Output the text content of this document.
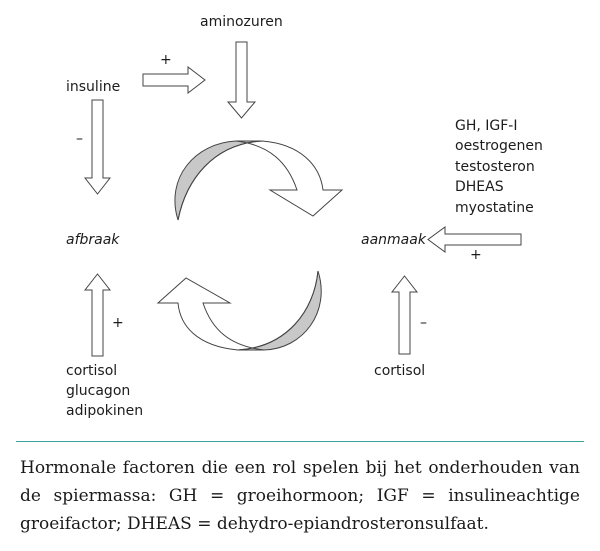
aminozuren
insuline
afbraak	aanmaak
GH, IGF-I
oestrogenen
testosteron
DHEAS
myostatine
cortisol
glucagon
adipokinen
cortisol
+
–
+
+	–
Hormonale factoren die een rol spelen bij het onderhouden van de spiermassa: GH = groeihormoon; IGF = insulineachtige groeifactor; DHEAS = dehydro-epiandrosteronsulfaat.
